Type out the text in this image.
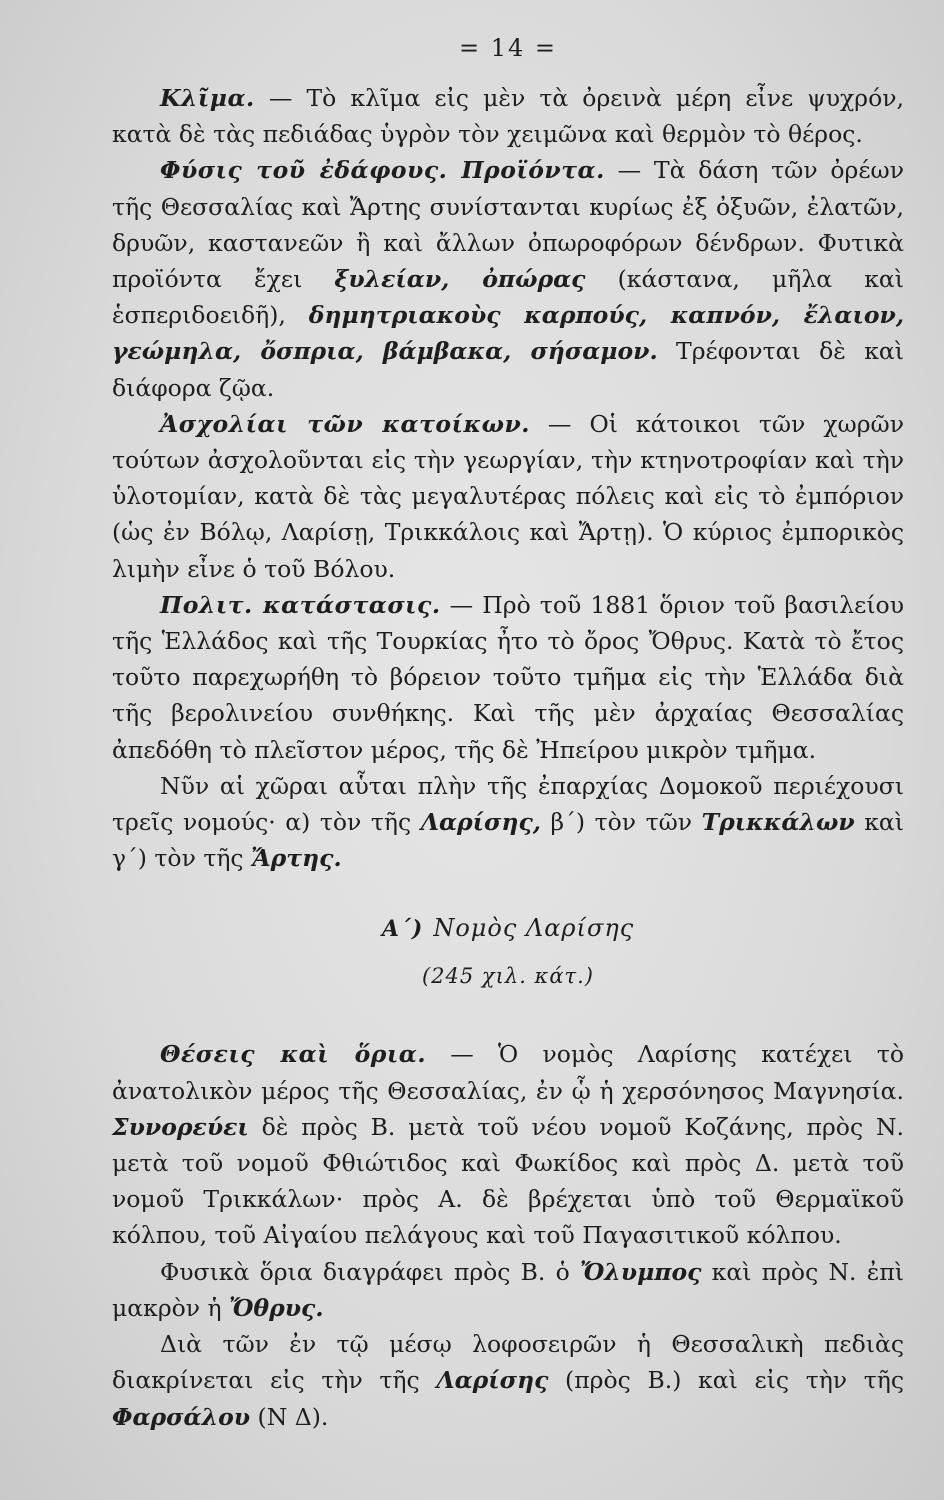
= 14 =

Κλῖμα. — Τὸ κλῖμα εἰς μὲν τὰ ὀρεινὰ μέρη εἶνε ψυχρόν, κατὰ δὲ τὰς πεδιάδας ὑγρὸν τὸν χειμῶνα καὶ θερμὸν τὸ θέρος.

Φύσις τοῦ ἐδάφους. Προϊόντα. — Τὰ δάση τῶν ὀρέων τῆς Θεσσαλίας καὶ Ἄρτης συνίστανται κυρίως ἐξ ὀξυῶν, ἐλατῶν, δρυῶν, καστανεῶν ἢ καὶ ἄλλων ὀπωροφόρων δένδρων. Φυτικὰ προϊόντα ἔχει ξυλείαν, ὀπώρας (κάστανα, μῆλα καὶ ἑσπεριδοειδῆ), δημητριακοὺς καρπούς, καπνόν, ἔλαιον, γεώμηλα, ὄσπρια, βάμβακα, σήσαμον. Τρέφονται δὲ καὶ διάφορα ζῷα.

Ἀσχολίαι τῶν κατοίκων. — Οἱ κάτοικοι τῶν χωρῶν τούτων ἀσχολοῦνται εἰς τὴν γεωργίαν, τὴν κτηνοτροφίαν καὶ τὴν ὑλοτομίαν, κατὰ δὲ τὰς μεγαλυτέρας πόλεις καὶ εἰς τὸ ἐμπόριον (ὡς ἐν Βόλῳ, Λαρίσῃ, Τρικκάλοις καὶ Ἄρτῃ). Ὁ κύριος ἐμπορικὸς λιμὴν εἶνε ὁ τοῦ Βόλου.

Πολιτ. κατάστασις. — Πρὸ τοῦ 1881 ὅριον τοῦ βασιλείου τῆς Ἑλλάδος καὶ τῆς Τουρκίας ἦτο τὸ ὄρος Ὄθρυς. Κατὰ τὸ ἔτος τοῦτο παρεχωρήθη τὸ βόρειον τοῦτο τμῆμα εἰς τὴν Ἑλλάδα διὰ τῆς βερολινείου συνθήκης. Καὶ τῆς μὲν ἀρχαίας Θεσσαλίας ἀπεδόθη τὸ πλεῖστον μέρος, τῆς δὲ Ἠπείρου μικρὸν τμῆμα.

Νῦν αἱ χῶραι αὗται πλὴν τῆς ἐπαρχίας Δομοκοῦ περιέχουσι τρεῖς νομούς· α) τὸν τῆς Λαρίσης, β΄) τὸν τῶν Τρικκάλων καὶ γ΄) τὸν τῆς Ἄρτης.

Α΄) Νομὸς Λαρίσης
(245 χιλ. κάτ.)

Θέσεις καὶ ὅρια. — Ὁ νομὸς Λαρίσης κατέχει τὸ ἀνατολικὸν μέρος τῆς Θεσσαλίας, ἐν ᾧ ἡ χερσόνησος Μαγνησία. Συνορεύει δὲ πρὸς Β. μετὰ τοῦ νέου νομοῦ Κοζάνης, πρὸς Ν. μετὰ τοῦ νομοῦ Φθιώτιδος καὶ Φωκίδος καὶ πρὸς Δ. μετὰ τοῦ νομοῦ Τρικκάλων· πρὸς Α. δὲ βρέχεται ὑπὸ τοῦ Θερμαϊκοῦ κόλπου, τοῦ Αἰγαίου πελάγους καὶ τοῦ Παγασιτικοῦ κόλπου.

Φυσικὰ ὅρια διαγράφει πρὸς Β. ὁ Ὄλυμπος καὶ πρὸς Ν. ἐπὶ μακρὸν ἡ Ὄθρυς.

Διὰ τῶν ἐν τῷ μέσῳ λοφοσειρῶν ἡ Θεσσαλικὴ πεδιὰς διακρίνεται εἰς τὴν τῆς Λαρίσης (πρὸς Β.) καὶ εἰς τὴν τῆς Φαρσάλου (Ν Δ).
